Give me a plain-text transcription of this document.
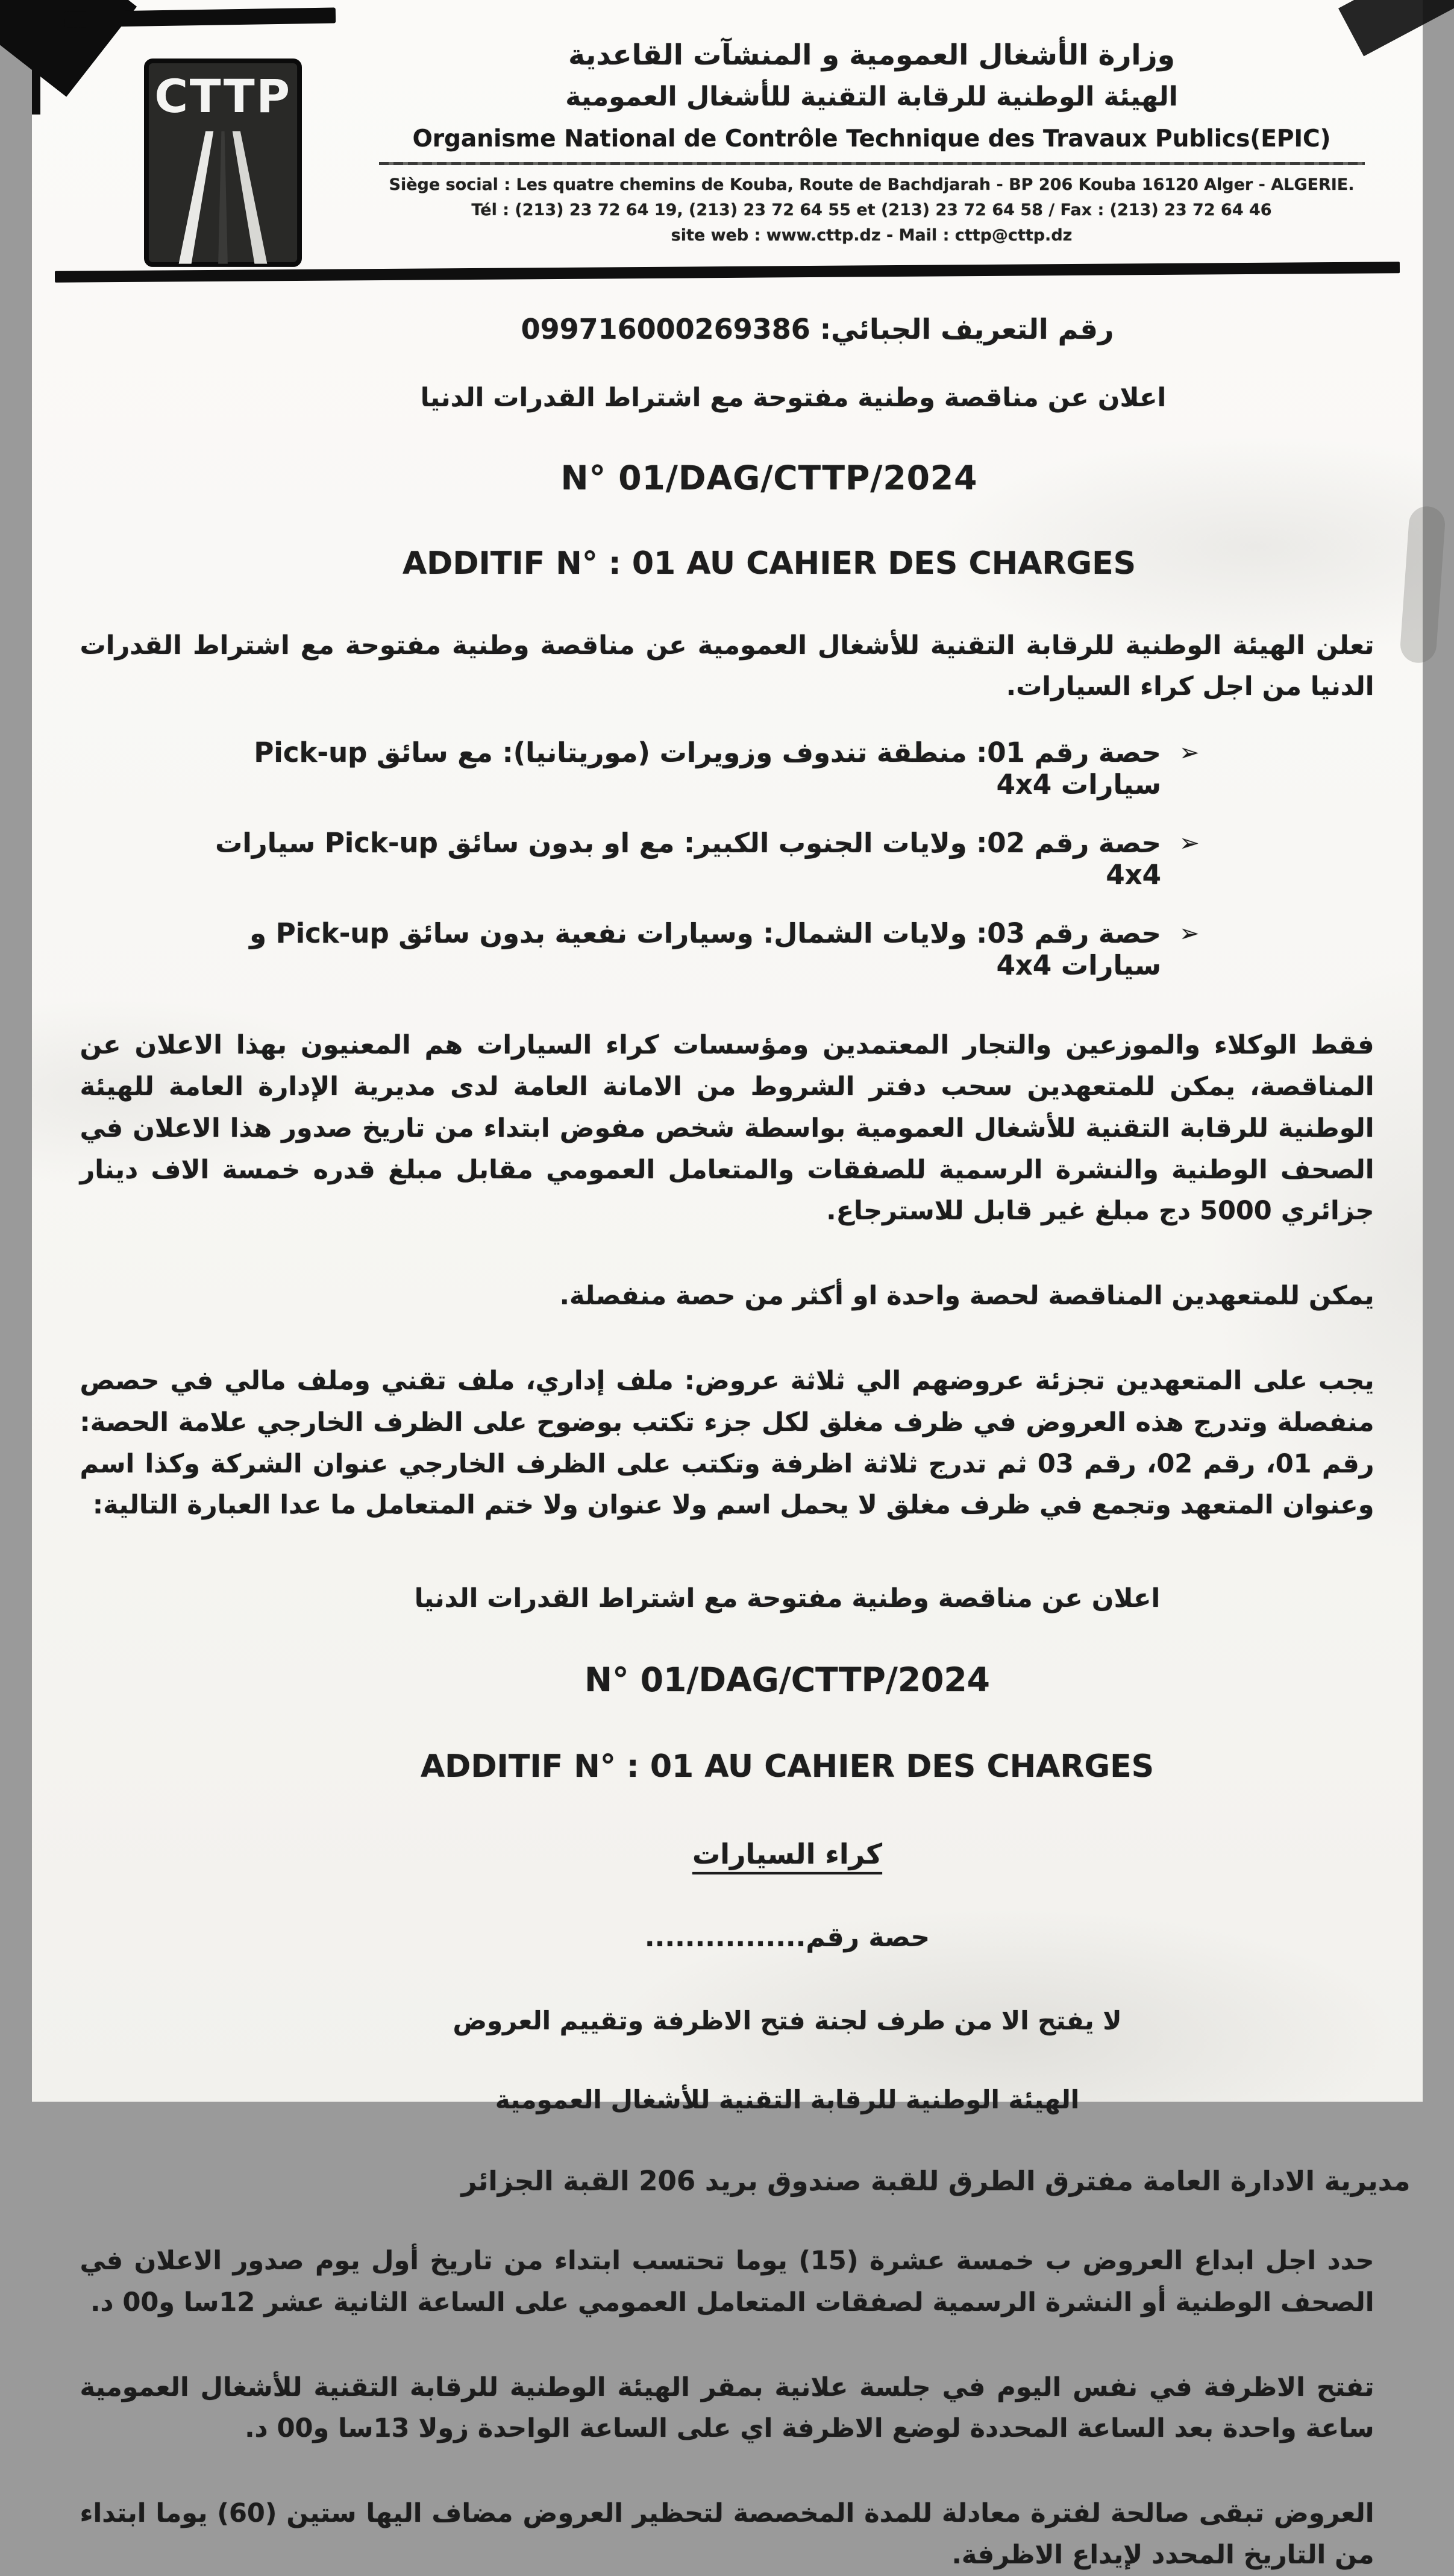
CTTP
وزارة الأشغال العمومية و المنشآت القاعدية
الهيئة الوطنية للرقابة التقنية للأشغال العمومية
Organisme National de Contrôle Technique des Travaux Publics(EPIC)
Siège social : Les quatre chemins de Kouba, Route de Bachdjarah - BP 206 Kouba 16120 Alger - ALGERIE.
Tél : (213) 23 72 64 19, (213) 23 72 64 55 et (213) 23 72 64 58 / Fax : (213) 23 72 64 46
site web : www.cttp.dz - Mail : cttp@cttp.dz
رقم التعريف الجبائي: 099716000269386
اعلان عن مناقصة وطنية مفتوحة مع اشتراط القدرات الدنيا
N° 01/DAG/CTTP/2024
ADDITIF N° : 01 AU CAHIER DES CHARGES
تعلن الهيئة الوطنية للرقابة التقنية للأشغال العمومية عن مناقصة وطنية مفتوحة مع اشتراط القدرات الدنيا من اجل كراء السيارات.
➢
حصة رقم 01: منطقة تندوف وزويرات (موريتانيا): مع سائق Pick-up سيارات 4x4
➢
حصة رقم 02: ولايات الجنوب الكبير: مع او بدون سائق Pick-up سيارات 4x4
➢
حصة رقم 03: ولايات الشمال: وسيارات نفعية بدون سائق Pick-up و سيارات 4x4
فقط الوكلاء والموزعين والتجار المعتمدين ومؤسسات كراء السيارات هم المعنيون بهذا الاعلان عن المناقصة، يمكن للمتعهدين سحب دفتر الشروط من الامانة العامة لدى مديرية الإدارة العامة للهيئة الوطنية للرقابة التقنية للأشغال العمومية بواسطة شخص مفوض ابتداء من تاريخ صدور هذا الاعلان في الصحف الوطنية والنشرة الرسمية للصفقات والمتعامل العمومي مقابل مبلغ قدره خمسة الاف دينار جزائري 5000 دج مبلغ غير قابل للاسترجاع.
يمكن للمتعهدين المناقصة لحصة واحدة او أكثر من حصة منفصلة.
يجب على المتعهدين تجزئة عروضهم الي ثلاثة عروض: ملف إداري، ملف تقني وملف مالي في حصص منفصلة وتدرج هذه العروض في ظرف مغلق لكل جزء تكتب بوضوح على الظرف الخارجي علامة الحصة: رقم 01، رقم 02، رقم 03 ثم تدرج ثلاثة اظرفة وتكتب على الظرف الخارجي عنوان الشركة وكذا اسم وعنوان المتعهد وتجمع في ظرف مغلق لا يحمل اسم ولا عنوان ولا ختم المتعامل ما عدا العبارة التالية:
اعلان عن مناقصة وطنية مفتوحة مع اشتراط القدرات الدنيا
N° 01/DAG/CTTP/2024
ADDITIF N° : 01 AU CAHIER DES CHARGES
كراء السيارات
حصة رقم................
لا يفتح الا من طرف لجنة فتح الاظرفة وتقييم العروض
الهيئة الوطنية للرقابة التقنية للأشغال العمومية
مديرية الادارة العامة مفترق الطرق للقبة صندوق بريد 206 القبة الجزائر
حدد اجل ابداع العروض ب خمسة عشرة (15) يوما تحتسب ابتداء من تاريخ أول يوم صدور الاعلان في الصحف الوطنية أو النشرة الرسمية لصفقات المتعامل العمومي على الساعة الثانية عشر 12سا و00 د.
تفتح الاظرفة في نفس اليوم في جلسة علانية بمقر الهيئة الوطنية للرقابة التقنية للأشغال العمومية ساعة واحدة بعد الساعة المحددة لوضع الاظرفة اي على الساعة الواحدة زولا 13سا و00 د.
العروض تبقى صالحة لفترة معادلة للمدة المخصصة لتحظير العروض مضاف اليها ستين (60) يوما ابتداء من التاريخ المحدد لإيداع الاظرفة.
